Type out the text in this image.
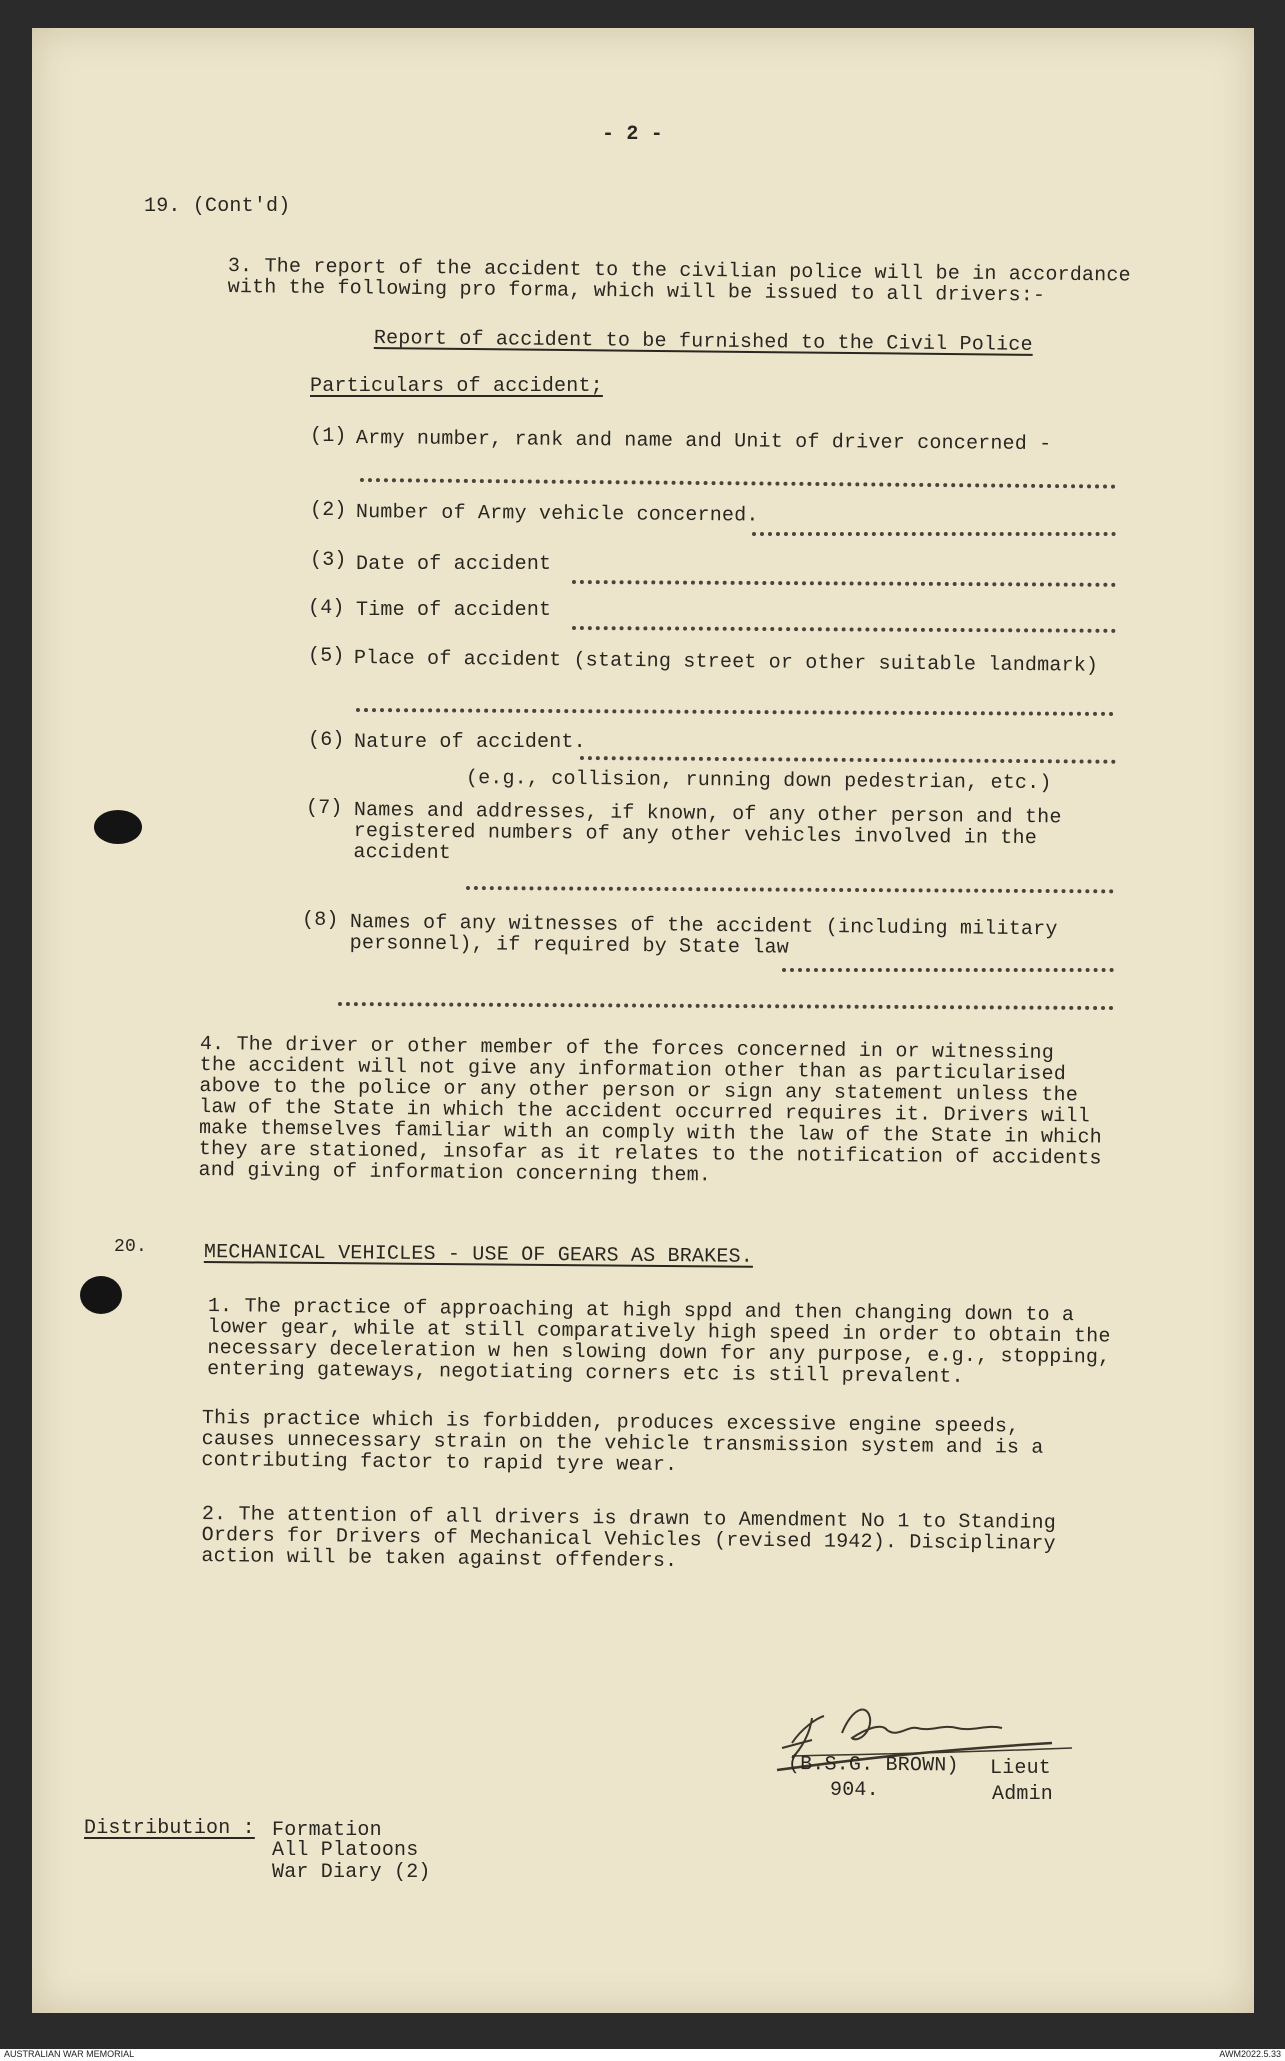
- 2 -
19. (Cont'd)
3. The report of the accident to the civilian police will be in accordance
with the following pro forma, which will be issued to all drivers:-
Report of accident to be furnished to the Civil Police
Particulars of accident;
(1) Army number, rank and name and Unit of driver concerned -
(2) Number of Army vehicle concerned.
(3) Date of accident
(4) Time of accident
(5) Place of accident (stating street or other suitable landmark)
(6) Nature of accident.
(e.g., collision, running down pedestrian, etc.)
(7) Names and addresses, if known, of any other person and the
registered numbers of any other vehicles involved in the
accident
(8) Names of any witnesses of the accident (including military
personnel), if required by State law
4. The driver or other member of the forces concerned in or witnessing
the accident will not give any information other than as particularised
above to the police or any other person or sign any statement unless the
law of the State in which the accident occurred requires it. Drivers will
make themselves familiar with an comply with the law of the State in which
they are stationed, insofar as it relates to the notification of accidents
and giving of information concerning them.
20.	MECHANICAL VEHICLES - USE OF GEARS AS BRAKES.
1. The practice of approaching at high sppd and then changing down to a
lower gear, while at still comparatively high speed in order to obtain the
necessary deceleration w hen slowing down for any purpose, e.g., stopping,
entering gateways, negotiating corners etc is still prevalent.
This practice which is forbidden, produces excessive engine speeds,
causes unnecessary strain on the vehicle transmission system and is a
contributing factor to rapid tyre wear.
2. The attention of all drivers is drawn to Amendment No 1 to Standing
Orders for Drivers of Mechanical Vehicles (revised 1942). Disciplinary
action will be taken against offenders.
(B.S.G. BROWN)
904.
Lieut
Admin
Distribution : Formation
All Platoons
War Diary (2)
AUSTRALIAN WAR MEMORIAL	AWM2022.5.33
